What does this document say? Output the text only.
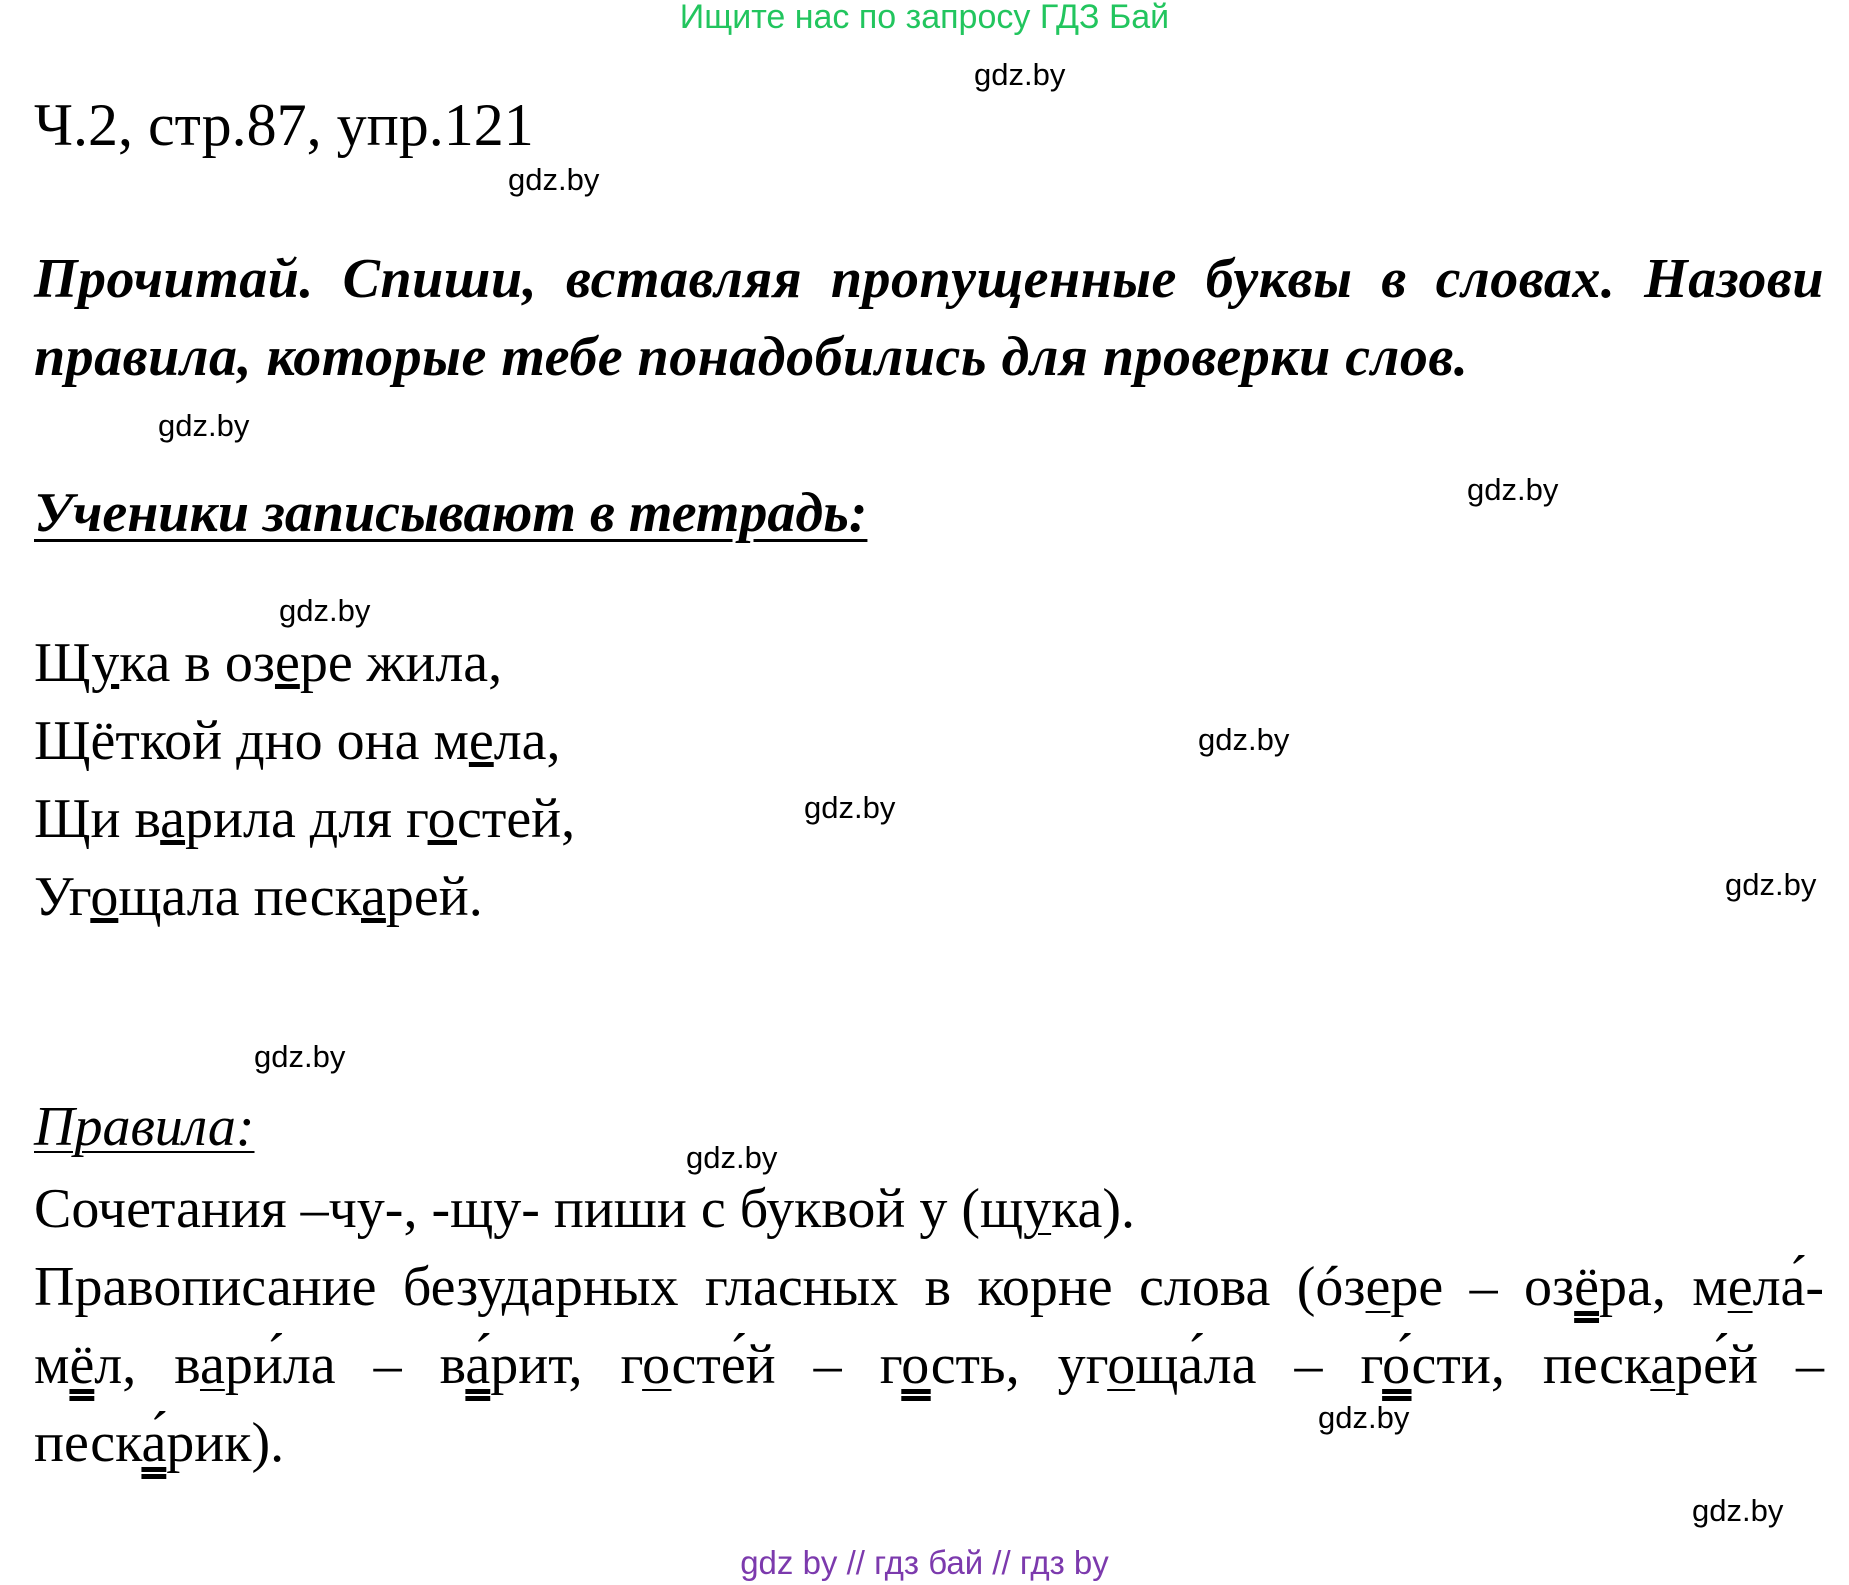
Ищите нас по запросу ГДЗ Бай
gdz.by
Ч.2, стр.87, упр.121
gdz.by
Прочитай. Спиши, вставляя пропущенные буквы в словах. Назови
правила, которые тебе понадобились для проверки слов.
gdz.by
gdz.by
Ученики записывают в тетрадь:
gdz.by
Щука в озере жила,
Щёткой дно она мела,	gdz.by
Щи варила для гостей,	gdz.by
Угощала пескарей.	gdz.by
gdz.by
Правила:	gdz.by
Сочетания –чу-, -щу- пиши с буквой у (щука).
Правописание безударных гласных в корне слова (óзере – озёра, мела́-
мёл, вари́ла – ва́рит, госте́й – гость, угоща́ла – го́сти, пескаре́й –
песка́рик).	gdz.by
gdz.by
gdz by // гдз бай // гдз by
